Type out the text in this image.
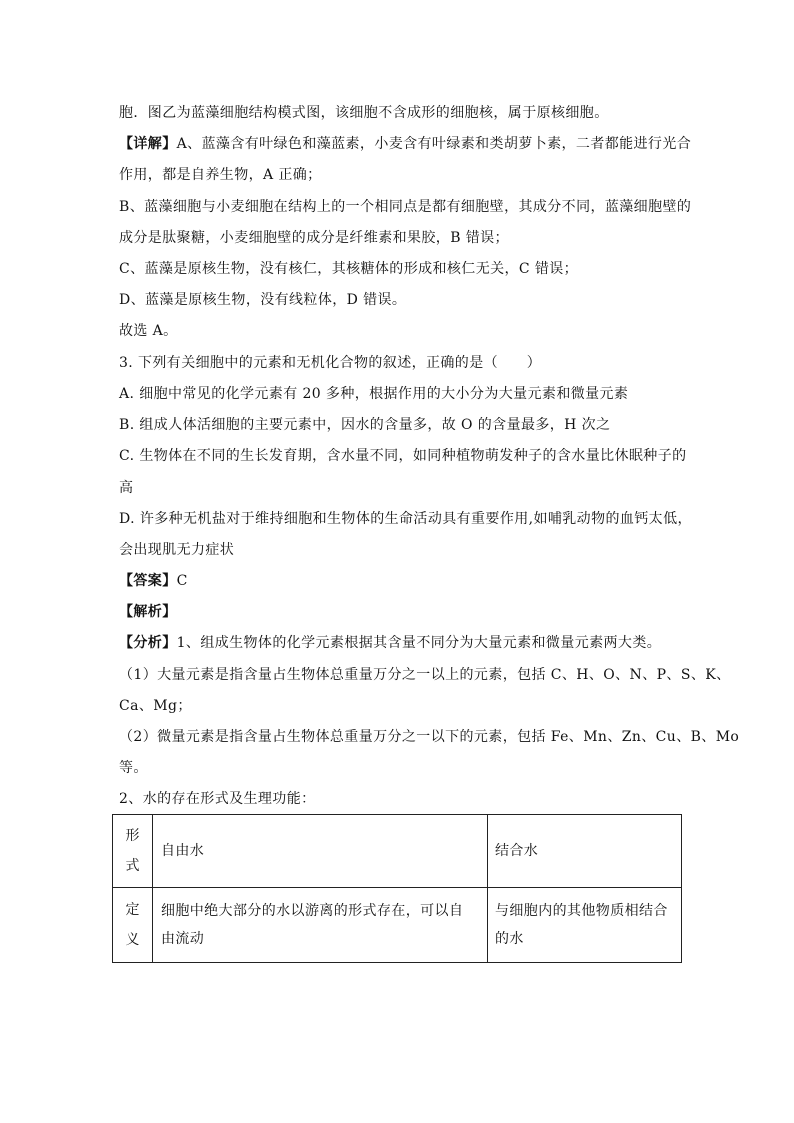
胞．图乙为蓝藻细胞结构模式图，该细胞不含成形的细胞核，属于原核细胞。
【详解】A、蓝藻含有叶绿色和藻蓝素，小麦含有叶绿素和类胡萝卜素，二者都能进行光合
作用，都是自养生物，A 正确；
B、蓝藻细胞与小麦细胞在结构上的一个相同点是都有细胞壁，其成分不同，蓝藻细胞壁的
成分是肽聚糖，小麦细胞壁的成分是纤维素和果胶，B 错误；
C、蓝藻是原核生物，没有核仁，其核糖体的形成和核仁无关，C 错误；
D、蓝藻是原核生物，没有线粒体，D 错误。
故选 A。
3. 下列有关细胞中的元素和无机化合物的叙述，正确的是（　　）
A. 细胞中常见的化学元素有 20 多种，根据作用的大小分为大量元素和微量元素
B. 组成人体活细胞的主要元素中，因水的含量多，故 O 的含量最多，H 次之
C. 生物体在不同的生长发育期，含水量不同，如同种植物萌发种子的含水量比休眠种子的
高
D. 许多种无机盐对于维持细胞和生物体的生命活动具有重要作用,如哺乳动物的血钙太低，
会出现肌无力症状
【答案】C
【解析】
【分析】1、组成生物体的化学元素根据其含量不同分为大量元素和微量元素两大类。
（1）大量元素是指含量占生物体总重量万分之一以上的元素，包括 C、H、O、N、P、S、K、
Ca、Mg；
（2）微量元素是指含量占生物体总重量万分之一以下的元素，包括 Fe、Mn、Zn、Cu、B、Mo
等。
2、水的存在形式及生理功能：
形式	自由水	结合水

定义	细胞中绝大部分的水以游离的形式存在，可以自由流动	与细胞内的其他物质相结合的水
